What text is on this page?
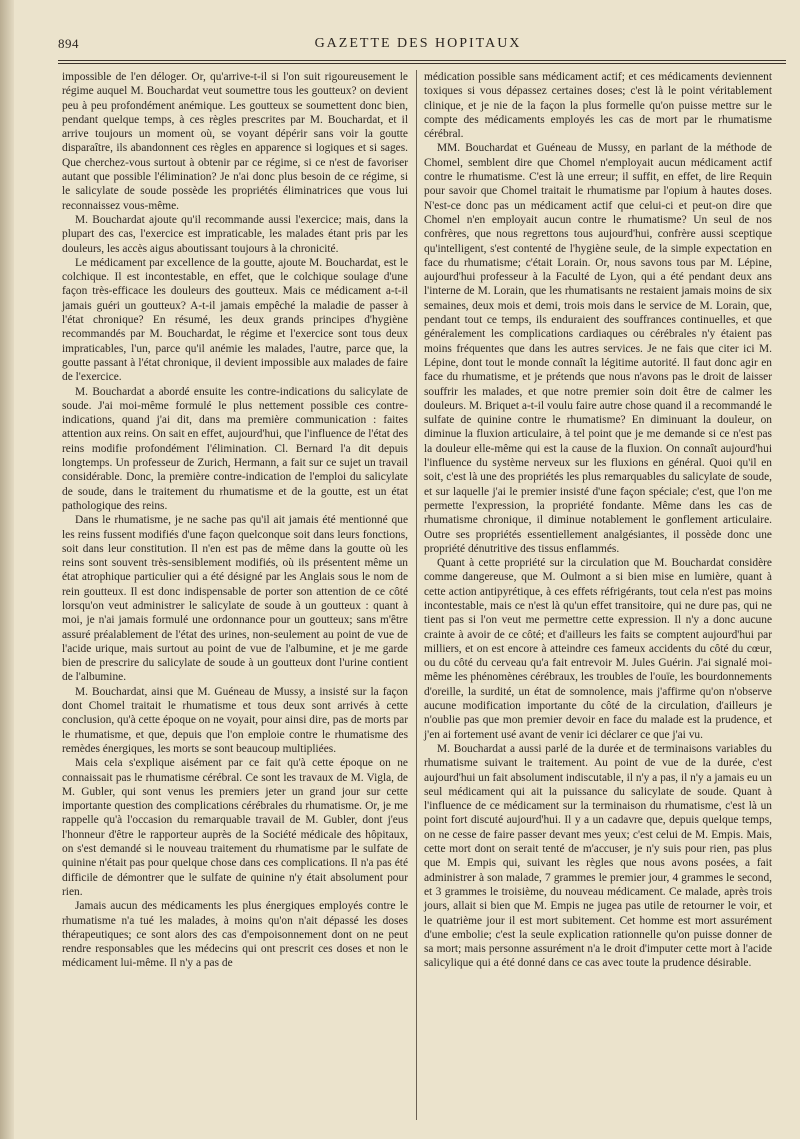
894	GAZETTE DES HOPITAUX

impossible de l'en déloger. Or, qu'arrive-t-il si l'on suit rigoureusement le régime auquel M. Bouchardat veut soumettre tous les goutteux? on devient peu à peu profondément anémique. Les goutteux se soumettent donc bien, pendant quelque temps, à ces règles prescrites par M. Bouchardat, et il arrive toujours un moment où, se voyant dépérir sans voir la goutte disparaître, ils abandonnent ces règles en apparence si logiques et si sages. Que cherchez-vous surtout à obtenir par ce régime, si ce n'est de favoriser autant que possible l'élimination? Je n'ai donc plus besoin de ce régime, si le salicylate de soude possède les propriétés éliminatrices que vous lui reconnaissez vous-même.

M. Bouchardat ajoute qu'il recommande aussi l'exercice; mais, dans la plupart des cas, l'exercice est impraticable, les malades étant pris par les douleurs, les accès aigus aboutissant toujours à la chronicité.

Le médicament par excellence de la goutte, ajoute M. Bouchardat, est le colchique. Il est incontestable, en effet, que le colchique soulage d'une façon très-efficace les douleurs des goutteux. Mais ce médicament a-t-il jamais guéri un goutteux? A-t-il jamais empêché la maladie de passer à l'état chronique? En résumé, les deux grands principes d'hygiène recommandés par M. Bouchardat, le régime et l'exercice sont tous deux impraticables, l'un, parce qu'il anémie les malades, l'autre, parce que, la goutte passant à l'état chronique, il devient impossible aux malades de faire de l'exercice.

M. Bouchardat a abordé ensuite les contre-indications du salicylate de soude. J'ai moi-même formulé le plus nettement possible ces contre-indications, quand j'ai dit, dans ma première communication : faites attention aux reins. On sait en effet, aujourd'hui, que l'influence de l'état des reins modifie profondément l'élimination. Cl. Bernard l'a dit depuis longtemps. Un professeur de Zurich, Hermann, a fait sur ce sujet un travail considérable. Donc, la première contre-indication de l'emploi du salicylate de soude, dans le traitement du rhumatisme et de la goutte, est un état pathologique des reins.

Dans le rhumatisme, je ne sache pas qu'il ait jamais été mentionné que les reins fussent modifiés d'une façon quelconque soit dans leurs fonctions, soit dans leur constitution. Il n'en est pas de même dans la goutte où les reins sont souvent très-sensiblement modifiés, où ils présentent même un état atrophique particulier qui a été désigné par les Anglais sous le nom de rein goutteux. Il est donc indispensable de porter son attention de ce côté lorsqu'on veut administrer le salicylate de soude à un goutteux : quant à moi, je n'ai jamais formulé une ordonnance pour un goutteux; sans m'être assuré préalablement de l'état des urines, non-seulement au point de vue de l'acide urique, mais surtout au point de vue de l'albumine, et je me garde bien de prescrire du salicylate de soude à un goutteux dont l'urine contient de l'albumine.

M. Bouchardat, ainsi que M. Guéneau de Mussy, a insisté sur la façon dont Chomel traitait le rhumatisme et tous deux sont arrivés à cette conclusion, qu'à cette époque on ne voyait, pour ainsi dire, pas de morts par le rhumatisme, et que, depuis que l'on emploie contre le rhumatisme des remèdes énergiques, les morts se sont beaucoup multipliées.

Mais cela s'explique aisément par ce fait qu'à cette époque on ne connaissait pas le rhumatisme cérébral. Ce sont les travaux de M. Vigla, de M. Gubler, qui sont venus les premiers jeter un grand jour sur cette importante question des complications cérébrales du rhumatisme. Or, je me rappelle qu'à l'occasion du remarquable travail de M. Gubler, dont j'eus l'honneur d'être le rapporteur auprès de la Société médicale des hôpitaux, on s'est demandé si le nouveau traitement du rhumatisme par le sulfate de quinine n'était pas pour quelque chose dans ces complications. Il n'a pas été difficile de démontrer que le sulfate de quinine n'y était absolument pour rien.

Jamais aucun des médicaments les plus énergiques employés contre le rhumatisme n'a tué les malades, à moins qu'on n'ait dépassé les doses thérapeutiques; ce sont alors des cas d'empoisonnement dont on ne peut rendre responsables que les médecins qui ont prescrit ces doses et non le médicament lui-même. Il n'y a pas de

médication possible sans médicament actif; et ces médicaments deviennent toxiques si vous dépassez certaines doses; c'est là le point véritablement clinique, et je nie de la façon la plus formelle qu'on puisse mettre sur le compte des médicaments employés les cas de mort par le rhumatisme cérébral.

MM. Bouchardat et Guéneau de Mussy, en parlant de la méthode de Chomel, semblent dire que Chomel n'employait aucun médicament actif contre le rhumatisme. C'est là une erreur; il suffit, en effet, de lire Requin pour savoir que Chomel traitait le rhumatisme par l'opium à hautes doses. N'est-ce donc pas un médicament actif que celui-ci et peut-on dire que Chomel n'en employait aucun contre le rhumatisme? Un seul de nos confrères, que nous regrettons tous aujourd'hui, confrère aussi sceptique qu'intelligent, s'est contenté de l'hygiène seule, de la simple expectation en face du rhumatisme; c'était Lorain. Or, nous savons tous par M. Lépine, aujourd'hui professeur à la Faculté de Lyon, qui a été pendant deux ans l'interne de M. Lorain, que les rhumatisants ne restaient jamais moins de six semaines, deux mois et demi, trois mois dans le service de M. Lorain, que, pendant tout ce temps, ils enduraient des souffrances continuelles, et que généralement les complications cardiaques ou cérébrales n'y étaient pas moins fréquentes que dans les autres services. Je ne fais que citer ici M. Lépine, dont tout le monde connaît la légitime autorité. Il faut donc agir en face du rhumatisme, et je prétends que nous n'avons pas le droit de laisser souffrir les malades, et que notre premier soin doit être de calmer les douleurs. M. Briquet a-t-il voulu faire autre chose quand il a recommandé le sulfate de quinine contre le rhumatisme? En diminuant la douleur, on diminue la fluxion articulaire, à tel point que je me demande si ce n'est pas la douleur elle-même qui est la cause de la fluxion. On connaît aujourd'hui l'influence du système nerveux sur les fluxions en général. Quoi qu'il en soit, c'est là une des propriétés les plus remarquables du salicylate de soude, et sur laquelle j'ai le premier insisté d'une façon spéciale; c'est, que l'on me permette l'expression, la propriété fondante. Même dans les cas de rhumatisme chronique, il diminue notablement le gonflement articulaire. Outre ses propriétés essentiellement analgésiantes, il possède donc une propriété dénutritive des tissus enflammés.

Quant à cette propriété sur la circulation que M. Bouchardat considère comme dangereuse, que M. Oulmont a si bien mise en lumière, quant à cette action antipyrétique, à ces effets réfrigérants, tout cela n'est pas moins incontestable, mais ce n'est là qu'un effet transitoire, qui ne dure pas, qui ne tient pas si l'on veut me permettre cette expression. Il n'y a donc aucune crainte à avoir de ce côté; et d'ailleurs les faits se comptent aujourd'hui par milliers, et on est encore à atteindre ces fameux accidents du côté du cœur, ou du côté du cerveau qu'a fait entrevoir M. Jules Guérin. J'ai signalé moi-même les phénomènes cérébraux, les troubles de l'ouïe, les bourdonnements d'oreille, la surdité, un état de somnolence, mais j'affirme qu'on n'observe aucune modification importante du côté de la circulation, d'ailleurs je n'oublie pas que mon premier devoir en face du malade est la prudence, et j'en ai fortement usé avant de venir ici déclarer ce que j'ai vu.

M. Bouchardat a aussi parlé de la durée et de terminaisons variables du rhumatisme suivant le traitement. Au point de vue de la durée, c'est aujourd'hui un fait absolument indiscutable, il n'y a pas, il n'y a jamais eu un seul médicament qui ait la puissance du salicylate de soude. Quant à l'influence de ce médicament sur la terminaison du rhumatisme, c'est là un point fort discuté aujourd'hui. Il y a un cadavre que, depuis quelque temps, on ne cesse de faire passer devant mes yeux; c'est celui de M. Empis. Mais, cette mort dont on serait tenté de m'accuser, je n'y suis pour rien, pas plus que M. Empis qui, suivant les règles que nous avons posées, a fait administrer à son malade, 7 grammes le premier jour, 4 grammes le second, et 3 grammes le troisième, du nouveau médicament. Ce malade, après trois jours, allait si bien que M. Empis ne jugea pas utile de retourner le voir, et le quatrième jour il est mort subitement. Cet homme est mort assurément d'une embolie; c'est la seule explication rationnelle qu'on puisse donner de sa mort; mais personne assurément n'a le droit d'imputer cette mort à l'acide salicylique qui a été donné dans ce cas avec toute la prudence désirable.
